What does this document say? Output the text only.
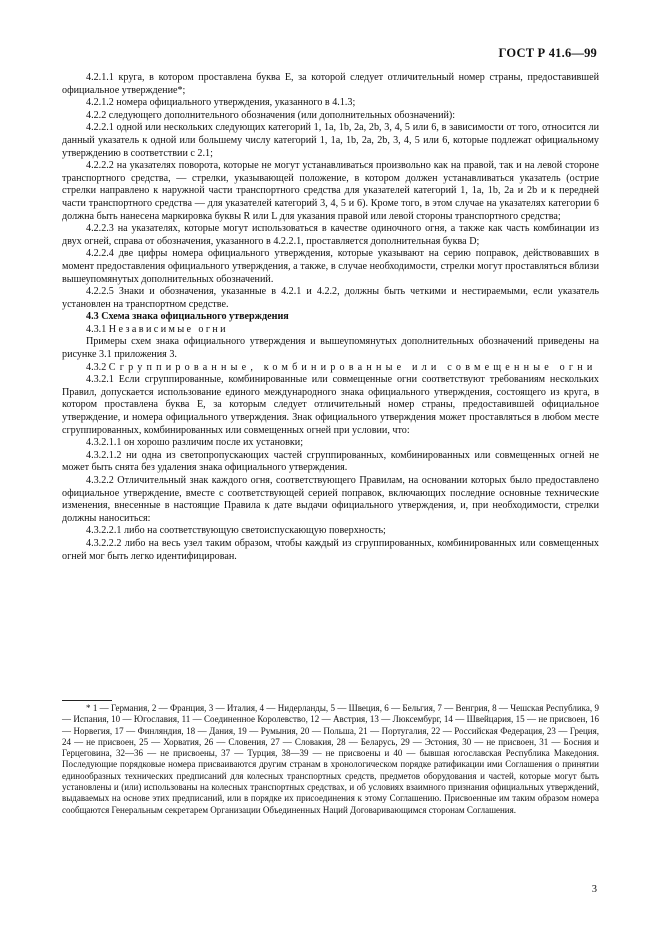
ГОСТ Р 41.6—99

4.2.1.1 круга, в котором проставлена буква E, за которой следует отличительный номер страны, предоставившей официальное утверждение*;

4.2.1.2 номера официального утверждения, указанного в 4.1.3;

4.2.2 следующего дополнительного обозначения (или дополнительных обозначений):

4.2.2.1 одной или нескольких следующих категорий 1, 1a, 1b, 2a, 2b, 3, 4, 5 или 6, в зависимости от того, относится ли данный указатель к одной или большему числу категорий 1, 1a, 1b, 2a, 2b, 3, 4, 5 или 6, которые подлежат официальному утверждению в соответствии с 2.1;

4.2.2.2 на указателях поворота, которые не могут устанавливаться произвольно как на правой, так и на левой стороне транспортного средства, — стрелки, указывающей положение, в котором должен устанавливаться указатель (острие стрелки направлено к наружной части транспортного средства для указателей категорий 1, 1a, 1b, 2a и 2b и к передней части транспортного средства — для указателей категорий 3, 4, 5 и 6). Кроме того, в этом случае на указателях категории 6 должна быть нанесена маркировка буквы R или L для указания правой или левой стороны транспортного средства;

4.2.2.3 на указателях, которые могут использоваться в качестве одиночного огня, а также как часть комбинации из двух огней, справа от обозначения, указанного в 4.2.2.1, проставляется дополнительная буква D;

4.2.2.4 две цифры номера официального утверждения, которые указывают на серию поправок, действовавших в момент предоставления официального утверждения, а также, в случае необходимости, стрелки могут проставляться вблизи вышеупомянутых дополнительных обозначений.

4.2.2.5 Знаки и обозначения, указанные в 4.2.1 и 4.2.2, должны быть четкими и нестираемыми, если указатель установлен на транспортном средстве.

4.3 Схема знака официального утверждения

4.3.1 Независимые огни

Примеры схем знака официального утверждения и вышеупомянутых дополнительных обозначений приведены на рисунке 3.1 приложения 3.

4.3.2 Сгруппированные, комбинированные или совмещенные огни

4.3.2.1 Если сгруппированные, комбинированные или совмещенные огни соответствуют требованиям нескольких Правил, допускается использование единого международного знака официального утверждения, состоящего из круга, в котором проставлена буква E, за которым следует отличительный номер страны, предоставившей официальное утверждение, и номера официального утверждения. Знак официального утверждения может проставляться в любом месте сгруппированных, комбинированных или совмещенных огней при условии, что:

4.3.2.1.1 он хорошо различим после их установки;

4.3.2.1.2 ни одна из светопропускающих частей сгруппированных, комбинированных или совмещенных огней не может быть снята без удаления знака официального утверждения.

4.3.2.2 Отличительный знак каждого огня, соответствующего Правилам, на основании которых было предоставлено официальное утверждение, вместе с соответствующей серией поправок, включающих последние основные технические изменения, внесенные в настоящие Правила к дате выдачи официального утверждения, и, при необходимости, стрелки должны наноситься:

4.3.2.2.1 либо на соответствующую светоиспускающую поверхность;

4.3.2.2.2 либо на весь узел таким образом, чтобы каждый из сгруппированных, комбинированных или совмещенных огней мог быть легко идентифицирован.

* 1 — Германия, 2 — Франция, 3 — Италия, 4 — Нидерланды, 5 — Швеция, 6 — Бельгия, 7 — Венгрия, 8 — Чешская Республика, 9 — Испания, 10 — Югославия, 11 — Соединенное Королевство, 12 — Австрия, 13 — Люксембург, 14 — Швейцария, 15 — не присвоен, 16 — Норвегия, 17 — Финляндия, 18 — Дания, 19 — Румыния, 20 — Польша, 21 — Португалия, 22 — Российская Федерация, 23 — Греция, 24 — не присвоен, 25 — Хорватия, 26 — Словения, 27 — Словакия, 28 — Беларусь, 29 — Эстония, 30 — не присвоен, 31 — Босния и Герцеговина, 32—36 — не присвоены, 37 — Турция, 38—39 — не присвоены и 40 — бывшая югославская Республика Македония. Последующие порядковые номера присваиваются другим странам в хронологическом порядке ратификации ими Соглашения о принятии единообразных технических предписаний для колесных транспортных средств, предметов оборудования и частей, которые могут быть установлены и (или) использованы на колесных транспортных средствах, и об условиях взаимного признания официальных утверждений, выдаваемых на основе этих предписаний, или в порядке их присоединения к этому Соглашению. Присвоенные им таким образом номера сообщаются Генеральным секретарем Организации Объединенных Наций Договаривающимся сторонам Соглашения.

3
